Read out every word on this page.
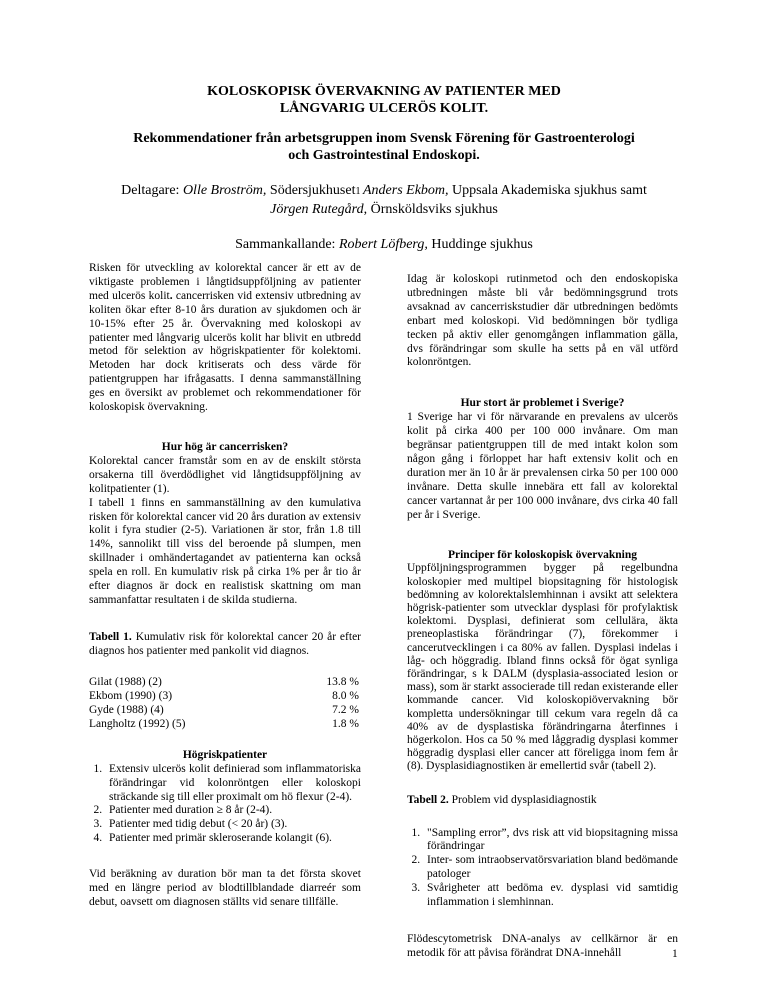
KOLOSKOPISK ÖVERVAKNING AV PATIENTER MED
LÅNGVARIG ULCERÖS KOLIT.
Rekommendationer från arbetsgruppen inom Svensk Förening för Gastroenterologi
och Gastrointestinal Endoskopi.
Deltagare: Olle Broström, Södersjukhuset1 Anders Ekbom, Uppsala Akademiska sjukhus samt
Jörgen Rutegård, Örnsköldsviks sjukhus
Sammankallande: Robert Löfberg, Huddinge sjukhus

Risken för utveckling av kolorektal cancer är ett av de viktigaste problemen i långtidsuppföljning av patienter med ulcerös kolit. cancerrisken vid extensiv utbredning av koliten ökar efter 8-10 års duration av sjukdomen och är 10-15% efter 25 år. Övervakning med koloskopi av patienter med långvarig ulcerös kolit har blivit en utbredd metod för selektion av högriskpatienter för kolektomi. Metoden har dock kritiserats och dess värde för patientgruppen har ifrågasatts. I denna sammanställning ges en översikt av problemet och rekommendationer för koloskopisk övervakning.

Hur hög är cancerrisken?

Kolorektal cancer framstår som en av de enskilt största orsakerna till överdödlighet vid långtidsuppföljning av kolitpatienter (1).

I tabell 1 finns en sammanställning av den kumulativa risken för kolorektal cancer vid 20 års duration av extensiv kolit i fyra studier (2-5). Variationen är stor, från 1.8 till 14%, sannolikt till viss del beroende på slumpen, men skillnader i omhändertagandet av patienterna kan också spela en roll. En kumulativ risk på cirka 1% per år tio år efter diagnos är dock en realistisk skattning om man sammanfattar resultaten i de skilda studierna.

Tabell 1. Kumulativ risk för kolorektal cancer 20 år efter diagnos hos patienter med pankolit vid diagnos.

Gilat (1988) (2)	13.8 %
Ekbom (1990) (3)	8.0 %
Gyde (1988) (4)	7.2 %
Langholtz (1992) (5)	1.8 %

Högriskpatienter

1. Extensiv ulcerös kolit definierad som inflammatoriska förändringar vid kolonröntgen eller koloskopi sträckande sig till eller proximalt om hö flexur (2-4).
2. Patienter med duration ≥ 8 år (2-4).
3. Patienter med tidig debut (< 20 år) (3).
4. Patienter med primär skleroserande kolangit (6).

Vid beräkning av duration bör man ta det första skovet med en längre period av blodtillblandade diarreér som debut, oavsett om diagnosen ställts vid senare tillfälle.

Idag är koloskopi rutinmetod och den endoskopiska utbredningen måste bli vår bedömningsgrund trots avsaknad av cancerriskstudier där utbredningen bedömts enbart med koloskopi. Vid bedömningen bör tydliga tecken på aktiv eller genomgången inflammation gälla, dvs förändringar som skulle ha setts på en väl utförd kolonröntgen.

Hur stort är problemet i Sverige?

1 Sverige har vi för närvarande en prevalens av ulcerös kolit på cirka 400 per 100 000 invånare. Om man begränsar patientgruppen till de med intakt kolon som någon gång i förloppet har haft extensiv kolit och en duration mer än 10 år är prevalensen cirka 50 per 100 000 invånare. Detta skulle innebära ett fall av kolorektal cancer vartannat år per 100 000 invånare, dvs cirka 40 fall per år i Sverige.

Principer för koloskopisk övervakning

Uppföljningsprogrammen bygger på regelbundna koloskopier med multipel biopsitagning för histologisk bedömning av kolorektalslemhinnan i avsikt att selektera högrisk-patienter som utvecklar dysplasi för profylaktisk kolektomi. Dysplasi, definierat som cellulära, äkta preneoplastiska förändringar (7), förekommer i cancerutvecklingen i ca 80% av fallen. Dysplasi indelas i låg- och höggradig. Ibland finns också för ögat synliga förändringar, s k DALM (dysplasia-associated lesion or mass), som är starkt associerade till redan existerande eller kommande cancer. Vid koloskopiövervakning bör kompletta undersökningar till cekum vara regeln då ca 40% av de dysplastiska förändringarna återfinnes i högerkolon. Hos ca 50 % med låggradig dysplasi kommer höggradig dysplasi eller cancer att föreligga inom fem år (8). Dysplasidiagnostiken är emellertid svår (tabell 2).

Tabell 2. Problem vid dysplasidiagnostik

1. "Sampling error”, dvs risk att vid biopsitagning missa förändringar
2. Inter- som intraobservatörsvariation bland bedömande patologer
3. Svårigheter att bedöma ev. dysplasi vid samtidig inflammation i slemhinnan.

Flödescytometrisk DNA-analys av cellkärnor är en metodik för att påvisa förändrat DNA-innehåll	1
